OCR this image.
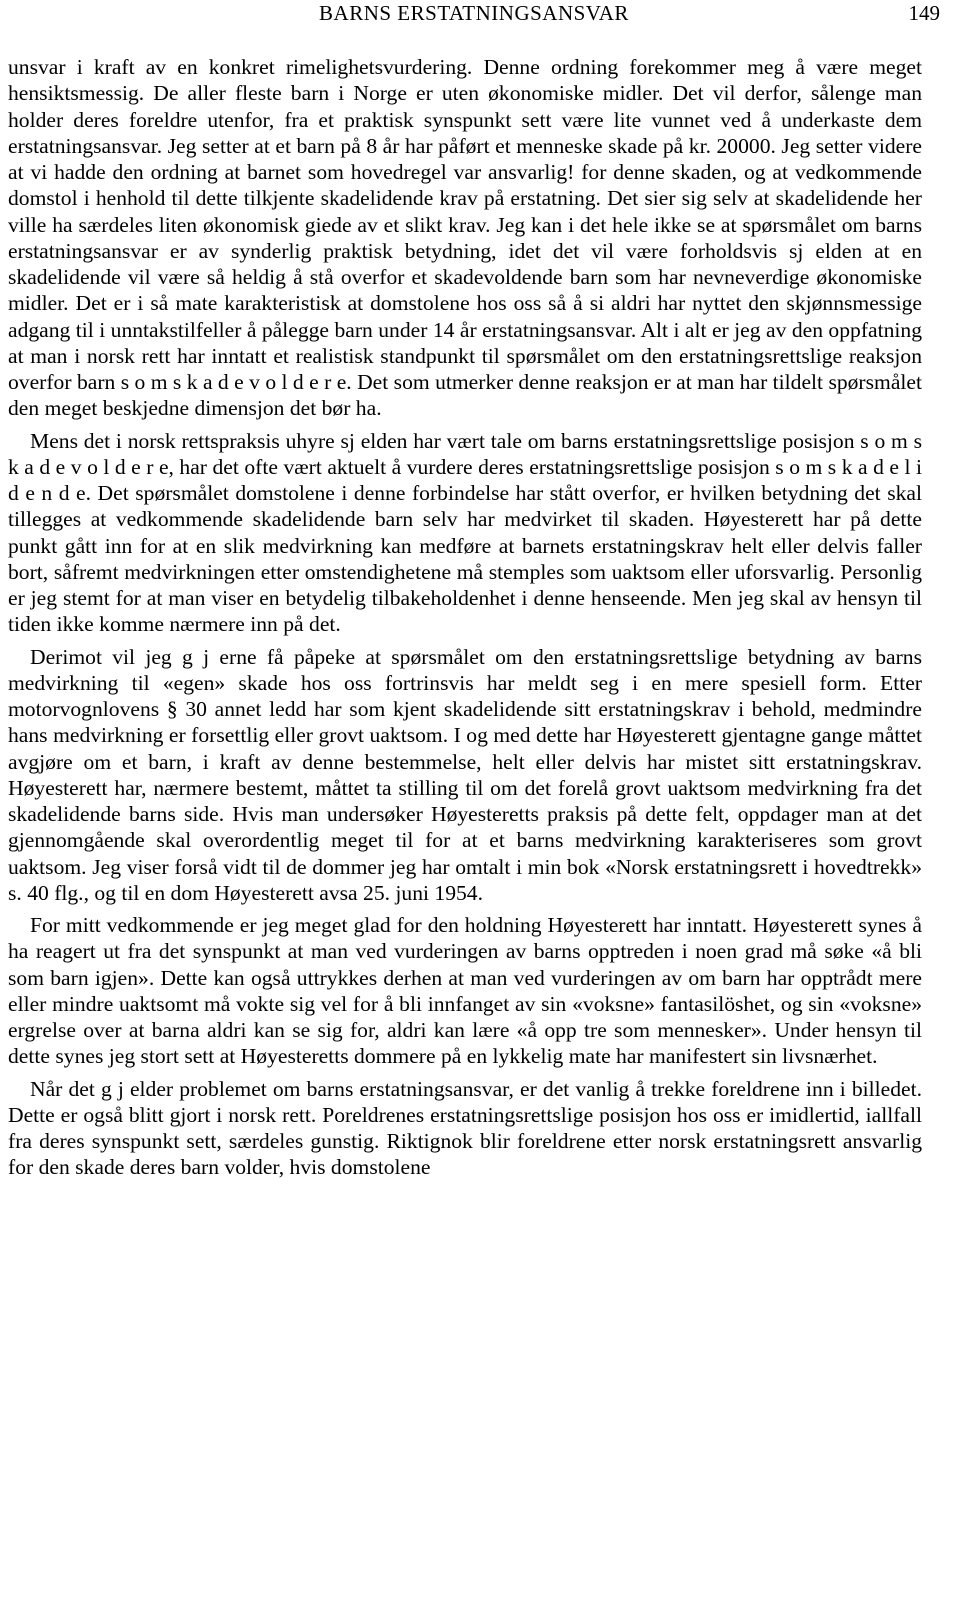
BARNS ERSTATNINGSANSVAR	149

unsvar i kraft av en konkret rimelighetsvurdering. Denne ordning forekommer meg å være meget hensiktsmessig. De aller fleste barn i Norge er uten økonomiske midler. Det vil derfor, sålenge man holder deres foreldre utenfor, fra et praktisk synspunkt sett være lite vunnet ved å underkaste dem erstatningsansvar. Jeg setter at et barn på 8 år har påført et menneske skade på kr. 20000. Jeg setter videre at vi hadde den ordning at barnet som hovedregel var ansvarlig! for denne skaden, og at vedkommende domstol i henhold til dette tilkjente skadelidende krav på erstatning. Det sier sig selv at skadelidende her ville ha særdeles liten økonomisk giede av et slikt krav. Jeg kan i det hele ikke se at spørsmålet om barns erstatningsansvar er av synderlig praktisk betydning, idet det vil være forholdsvis sj elden at en skadelidende vil være så heldig å stå overfor et skadevoldende barn som har nevneverdige økonomiske midler. Det er i så mate karakteristisk at domstolene hos oss så å si aldri har nyttet den skjønnsmessige adgang til i unntakstilfeller å pålegge barn under 14 år erstatningsansvar. Alt i alt er jeg av den oppfatning at man i norsk rett har inntatt et realistisk standpunkt til spørsmålet om den erstatningsrettslige reaksjon overfor barn s o m s k a d e v o l d e r e. Det som utmerker denne reaksjon er at man har tildelt spørsmålet den meget beskjedne dimensjon det bør ha.

Mens det i norsk rettspraksis uhyre sj elden har vært tale om barns erstatningsrettslige posisjon s o m s k a d e v o l d e r e, har det ofte vært aktuelt å vurdere deres erstatningsrettslige posisjon s o m s k a d e l i d e n d e. Det spørsmålet domstolene i denne forbindelse har stått overfor, er hvilken betydning det skal tillegges at vedkommende skadelidende barn selv har medvirket til skaden. Høyesterett har på dette punkt gått inn for at en slik medvirkning kan medføre at barnets erstatningskrav helt eller delvis faller bort, såfremt medvirkningen etter omstendighetene må stemples som uaktsom eller uforsvarlig. Personlig er jeg stemt for at man viser en betydelig tilbakeholdenhet i denne henseende. Men jeg skal av hensyn til tiden ikke komme nærmere inn på det.

Derimot vil jeg g j erne få påpeke at spørsmålet om den erstatningsrettslige betydning av barns medvirkning til «egen» skade hos oss fortrinsvis har meldt seg i en mere spesiell form. Etter motorvognlovens § 30 annet ledd har som kjent skadelidende sitt erstatningskrav i behold, medmindre hans medvirkning er forsettlig eller grovt uaktsom. I og med dette har Høyesterett gjentagne gange måttet avgjøre om et barn, i kraft av denne bestemmelse, helt eller delvis har mistet sitt erstatningskrav. Høyesterett har, nærmere bestemt, måttet ta stilling til om det forelå grovt uaktsom medvirkning fra det skadelidende barns side. Hvis man undersøker Høyesteretts praksis på dette felt, oppdager man at det gjennomgående skal overordentlig meget til for at et barns medvirkning karakteriseres som grovt uaktsom. Jeg viser forså vidt til de dommer jeg har omtalt i min bok «Norsk erstatningsrett i hovedtrekk» s. 40 flg., og til en dom Høyesterett avsa 25. juni 1954.

For mitt vedkommende er jeg meget glad for den holdning Høyesterett har inntatt. Høyesterett synes å ha reagert ut fra det synspunkt at man ved vurderingen av barns opptreden i noen grad må søke «å bli som barn igjen». Dette kan også uttrykkes derhen at man ved vurderingen av om barn har opptrådt mere eller mindre uaktsomt må vokte sig vel for å bli innfanget av sin «voksne» fantasilöshet, og sin «voksne» ergrelse over at barna aldri kan se sig for, aldri kan lære «å opp tre som mennesker». Under hensyn til dette synes jeg stort sett at Høyesteretts dommere på en lykkelig mate har manifestert sin livsnærhet.

Når det g j elder problemet om barns erstatningsansvar, er det vanlig å trekke foreldrene inn i billedet. Dette er også blitt gjort i norsk rett. Poreldrenes erstatningsrettslige posisjon hos oss er imidlertid, iallfall fra deres synspunkt sett, særdeles gunstig. Riktignok blir foreldrene etter norsk erstatningsrett ansvarlig for den skade deres barn volder, hvis domstolene
